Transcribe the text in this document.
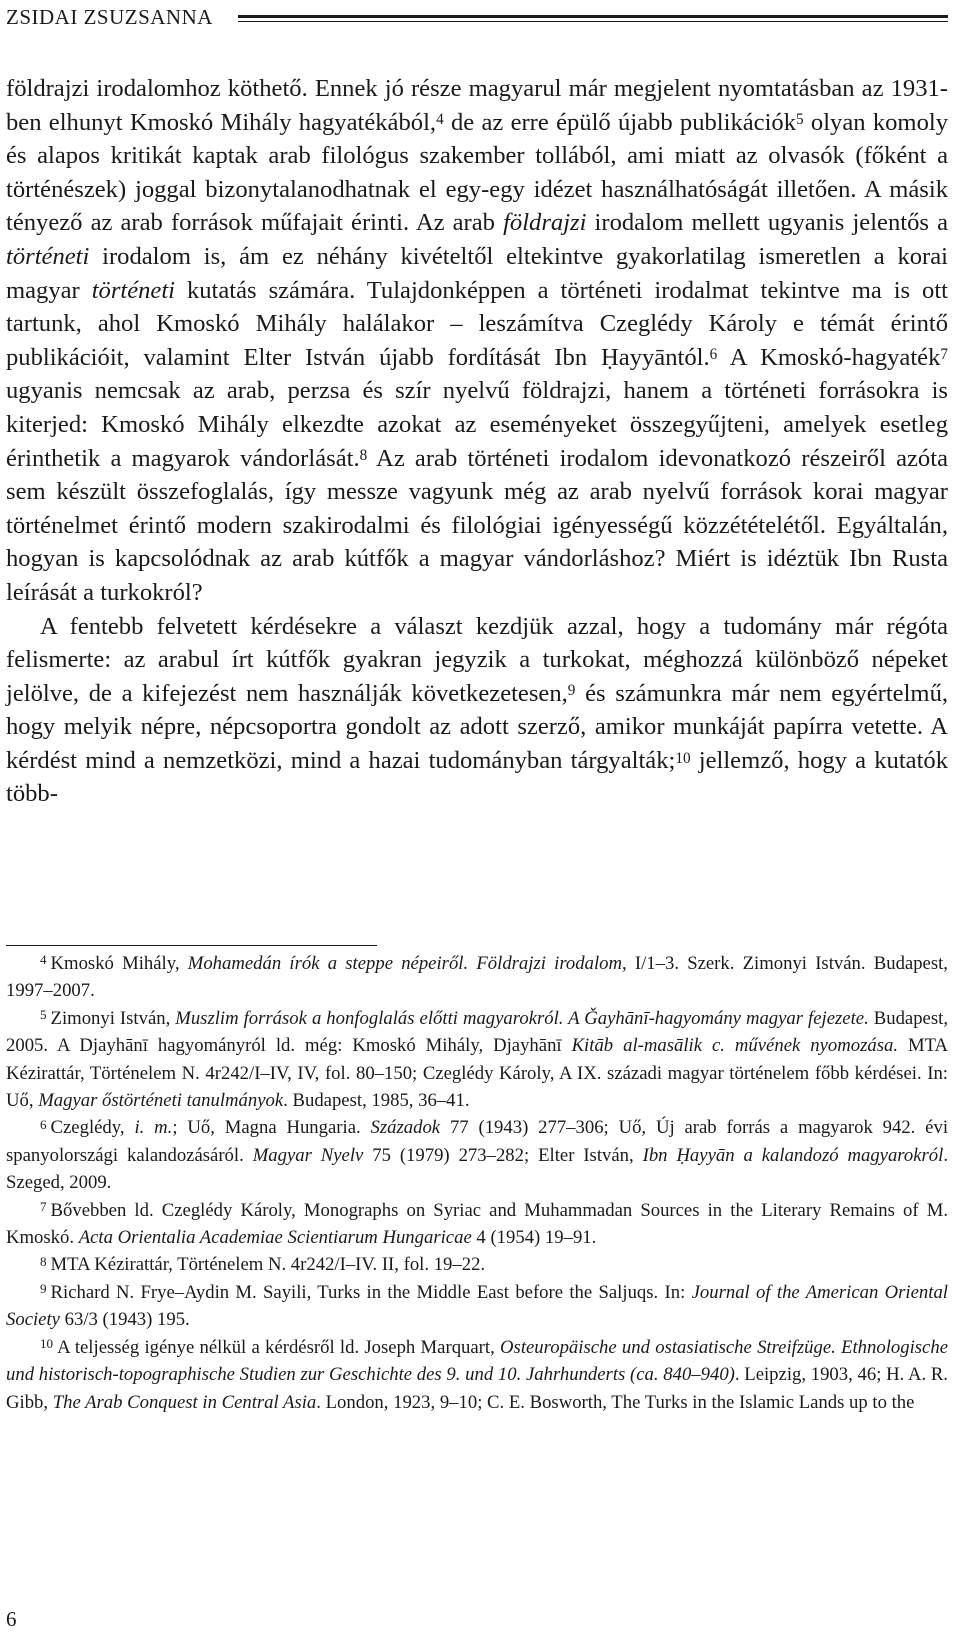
ZSIDAI ZSUZSANNA

földrajzi irodalomhoz köthető. Ennek jó része magyarul már megjelent nyomtatásban az 1931-ben elhunyt Kmoskó Mihály hagyatékából,$^4$ de az erre épülő újabb publikációk$^5$ olyan komoly és alapos kritikát kaptak arab filológus szakember tollából, ami miatt az olvasók (főként a történészek) joggal bizonytalanodhatnak el egy-egy idézet használhatóságát illetően. A másik tényező az arab források műfajait érinti. Az arab földrajzi irodalom mellett ugyanis jelentős a történeti irodalom is, ám ez néhány kivételtől eltekintve gyakorlatilag ismeretlen a korai magyar történeti kutatás számára. Tulajdonképpen a történeti irodalmat tekintve ma is ott tartunk, ahol Kmoskó Mihály halálakor – leszámítva Czeglédy Károly e témát érintő publikációit, valamint Elter István újabb fordítását Ibn Ḥayyāntól.$^6$ A Kmoskó-hagyaték$^7$ ugyanis nemcsak az arab, perzsa és szír nyelvű földrajzi, hanem a történeti forrásokra is kiterjed: Kmoskó Mihály elkezdte azokat az eseményeket összegyűjteni, amelyek esetleg érinthetik a magyarok vándorlását.$^8$ Az arab történeti irodalom idevonatkozó részeiről azóta sem készült összefoglalás, így messze vagyunk még az arab nyelvű források korai magyar történelmet érintő modern szakirodalmi és filológiai igényességű közzétételétől. Egyáltalán, hogyan is kapcsolódnak az arab kútfők a magyar vándorláshoz? Miért is idéztük Ibn Rusta leírását a turkokról?

A fentebb felvetett kérdésekre a választ kezdjük azzal, hogy a tudomány már régóta felismerte: az arabul írt kútfők gyakran jegyzik a turkokat, méghozzá különböző népeket jelölve, de a kifejezést nem használják következetesen,$^9$ és számunkra már nem egyértelmű, hogy melyik népre, népcsoportra gondolt az adott szerző, amikor munkáját papírra vetette. A kérdést mind a nemzetközi, mind a hazai tudományban tárgyalták;$^{10}$ jellemző, hogy a kutatók több-

$^4$ Kmoskó Mihály, Mohamedán írók a steppe népeiről. Földrajzi irodalom, I/1–3. Szerk. Zimonyi István. Budapest, 1997–2007.

$^5$ Zimonyi István, Muszlim források a honfoglalás előtti magyarokról. A Ǧayhānī-hagyomány magyar fejezete. Budapest, 2005. A Djayhānī hagyományról ld. még: Kmoskó Mihály, Djayhānī Kitāb al-masālik c. művének nyomozása. MTA Kézirattár, Történelem N. 4r242/I–IV, IV, fol. 80–150; Czeglédy Károly, A IX. századi magyar történelem főbb kérdései. In: Uő, Magyar őstörténeti tanulmányok. Budapest, 1985, 36–41.

$^6$ Czeglédy, i. m.; Uő, Magna Hungaria. Századok 77 (1943) 277–306; Uő, Új arab forrás a magyarok 942. évi spanyolországi kalandozásáról. Magyar Nyelv 75 (1979) 273–282; Elter István, Ibn Ḥayyān a kalandozó magyarokról. Szeged, 2009.

$^7$ Bővebben ld. Czeglédy Károly, Monographs on Syriac and Muhammadan Sources in the Literary Remains of M. Kmoskó. Acta Orientalia Academiae Scientiarum Hungaricae 4 (1954) 19–91.

$^8$ MTA Kézirattár, Történelem N. 4r242/I–IV. II, fol. 19–22.

$^9$ Richard N. Frye–Aydin M. Sayili, Turks in the Middle East before the Saljuqs. In: Journal of the American Oriental Society 63/3 (1943) 195.

$^{10}$ A teljesség igénye nélkül a kérdésről ld. Joseph Marquart, Osteuropäische und ostasiatische Streifzüge. Ethnologische und historisch-topographische Studien zur Geschichte des 9. und 10. Jahrhunderts (ca. 840–940). Leipzig, 1903, 46; H. A. R. Gibb, The Arab Conquest in Central Asia. London, 1923, 9–10; C. E. Bosworth, The Turks in the Islamic Lands up to the

6
